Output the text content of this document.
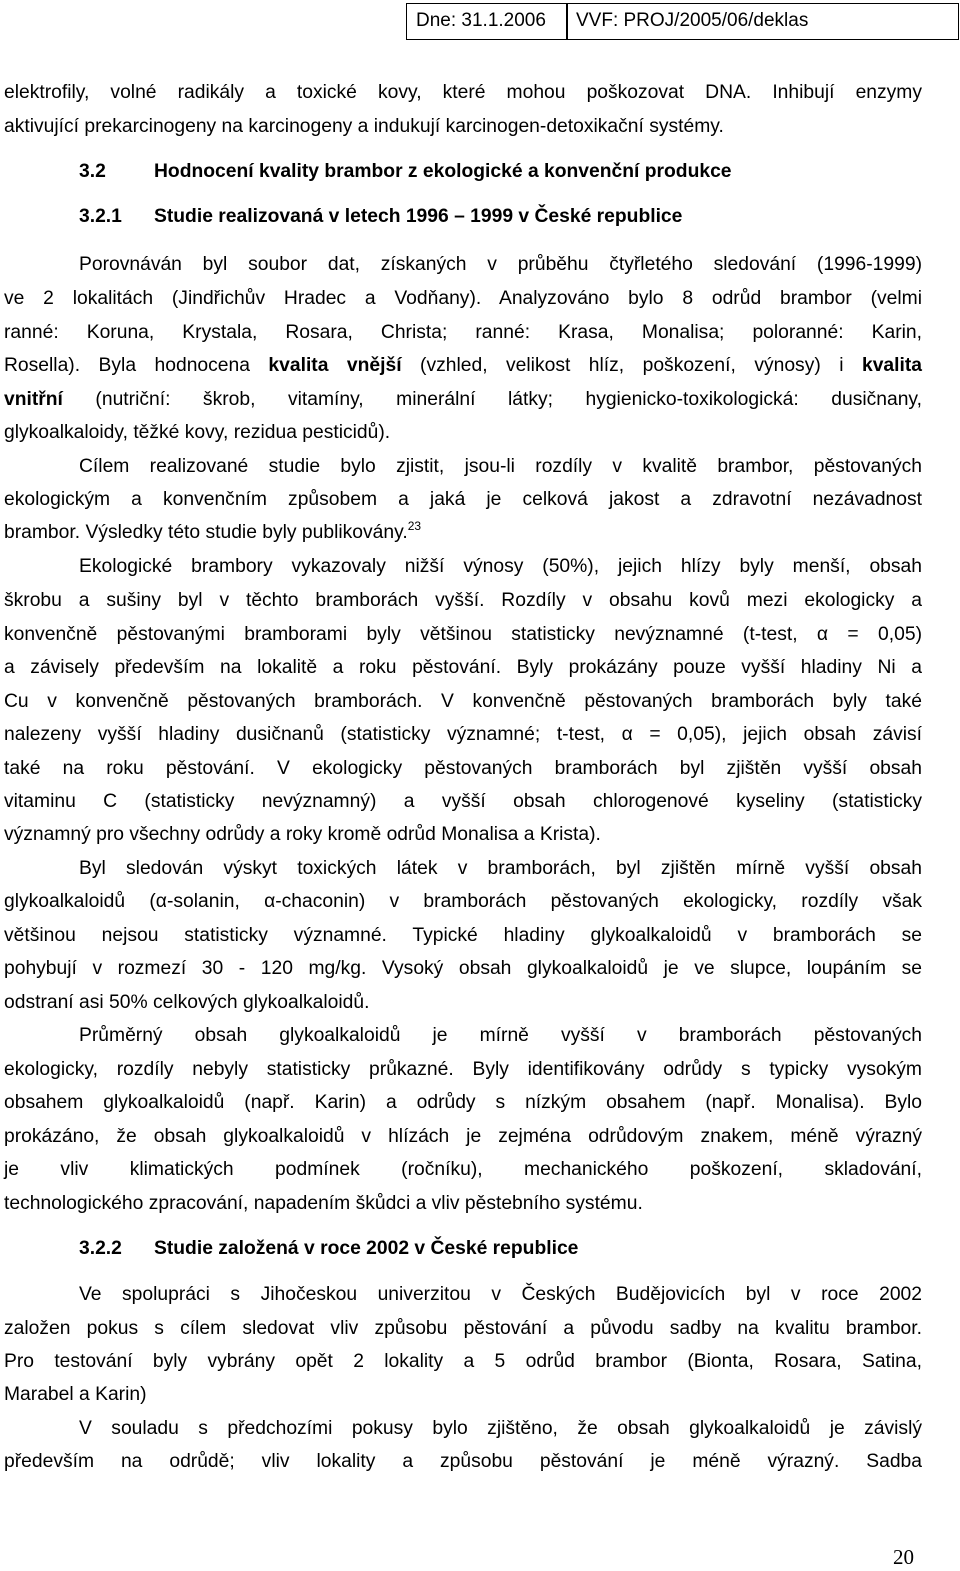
Dne: 31.1.2006	VVF: PROJ/2005/06/deklas
elektrofily, volné radikály a toxické kovy, které mohou poškozovat DNA. Inhibují enzymy
aktivující prekarcinogeny na karcinogeny a indukují karcinogen-detoxikační systémy.
3.2 Hodnocení kvality brambor z ekologické a konvenční produkce
3.2.1 Studie realizovaná v letech 1996 – 1999 v České republice
Porovnáván byl soubor dat, získaných v průběhu čtyřletého sledování (1996-1999)
ve 2 lokalitách (Jindřichův Hradec a Vodňany). Analyzováno bylo 8 odrůd brambor (velmi
ranné: Koruna, Krystala, Rosara, Christa; ranné: Krasa, Monalisa; poloranné: Karin,
Rosella). Byla hodnocena kvalita vnější (vzhled, velikost hlíz, poškození, výnosy) i kvalita
vnitřní (nutriční: škrob, vitamíny, minerální látky; hygienicko-toxikologická: dusičnany,
glykoalkaloidy, těžké kovy, rezidua pesticidů).
Cílem realizované studie bylo zjistit, jsou-li rozdíly v kvalitě brambor, pěstovaných
ekologickým a konvenčním způsobem a jaká je celková jakost a zdravotní nezávadnost
brambor. Výsledky této studie byly publikovány.$^{23}$
Ekologické brambory vykazovaly nižší výnosy (50%), jejich hlízy byly menší, obsah
škrobu a sušiny byl v těchto bramborách vyšší. Rozdíly v obsahu kovů mezi ekologicky a
konvenčně pěstovanými bramborami byly většinou statisticky nevýznamné (t-test, α = 0,05)
a závisely především na lokalitě a roku pěstování. Byly prokázány pouze vyšší hladiny Ni a
Cu v konvenčně pěstovaných bramborách. V konvenčně pěstovaných bramborách byly také
nalezeny vyšší hladiny dusičnanů (statisticky významné; t-test, α = 0,05), jejich obsah závisí
také na roku pěstování. V ekologicky pěstovaných bramborách byl zjištěn vyšší obsah
vitaminu C (statisticky nevýznamný) a vyšší obsah chlorogenové kyseliny (statisticky
významný pro všechny odrůdy a roky kromě odrůd Monalisa a Krista).
Byl sledován výskyt toxických látek v bramborách, byl zjištěn mírně vyšší obsah
glykoalkaloidů (α-solanin, α-chaconin) v bramborách pěstovaných ekologicky, rozdíly však
většinou nejsou statisticky významné. Typické hladiny glykoalkaloidů v bramborách se
pohybují v rozmezí 30 - 120 mg/kg. Vysoký obsah glykoalkaloidů je ve slupce, loupáním se
odstraní asi 50% celkových glykoalkaloidů.
Průměrný obsah glykoalkaloidů je mírně vyšší v bramborách pěstovaných
ekologicky, rozdíly nebyly statisticky průkazné. Byly identifikovány odrůdy s typicky vysokým
obsahem glykoalkaloidů (např. Karin) a odrůdy s nízkým obsahem (např. Monalisa). Bylo
prokázáno, že obsah glykoalkaloidů v hlízách je zejména odrůdovým znakem, méně výrazný
je vliv klimatických podmínek (ročníku), mechanického poškození, skladování,
technologického zpracování, napadením škůdci a vliv pěstebního systému.
3.2.2 Studie založená v roce 2002 v České republice
Ve spolupráci s Jihočeskou univerzitou v Českých Budějovicích byl v roce 2002
založen pokus s cílem sledovat vliv způsobu pěstování a původu sadby na kvalitu brambor.
Pro testování byly vybrány opět 2 lokality a 5 odrůd brambor (Bionta, Rosara, Satina,
Marabel a Karin)
V souladu s předchozími pokusy bylo zjištěno, že obsah glykoalkaloidů je závislý
především na odrůdě; vliv lokality a způsobu pěstování je méně výrazný. Sadba
20
